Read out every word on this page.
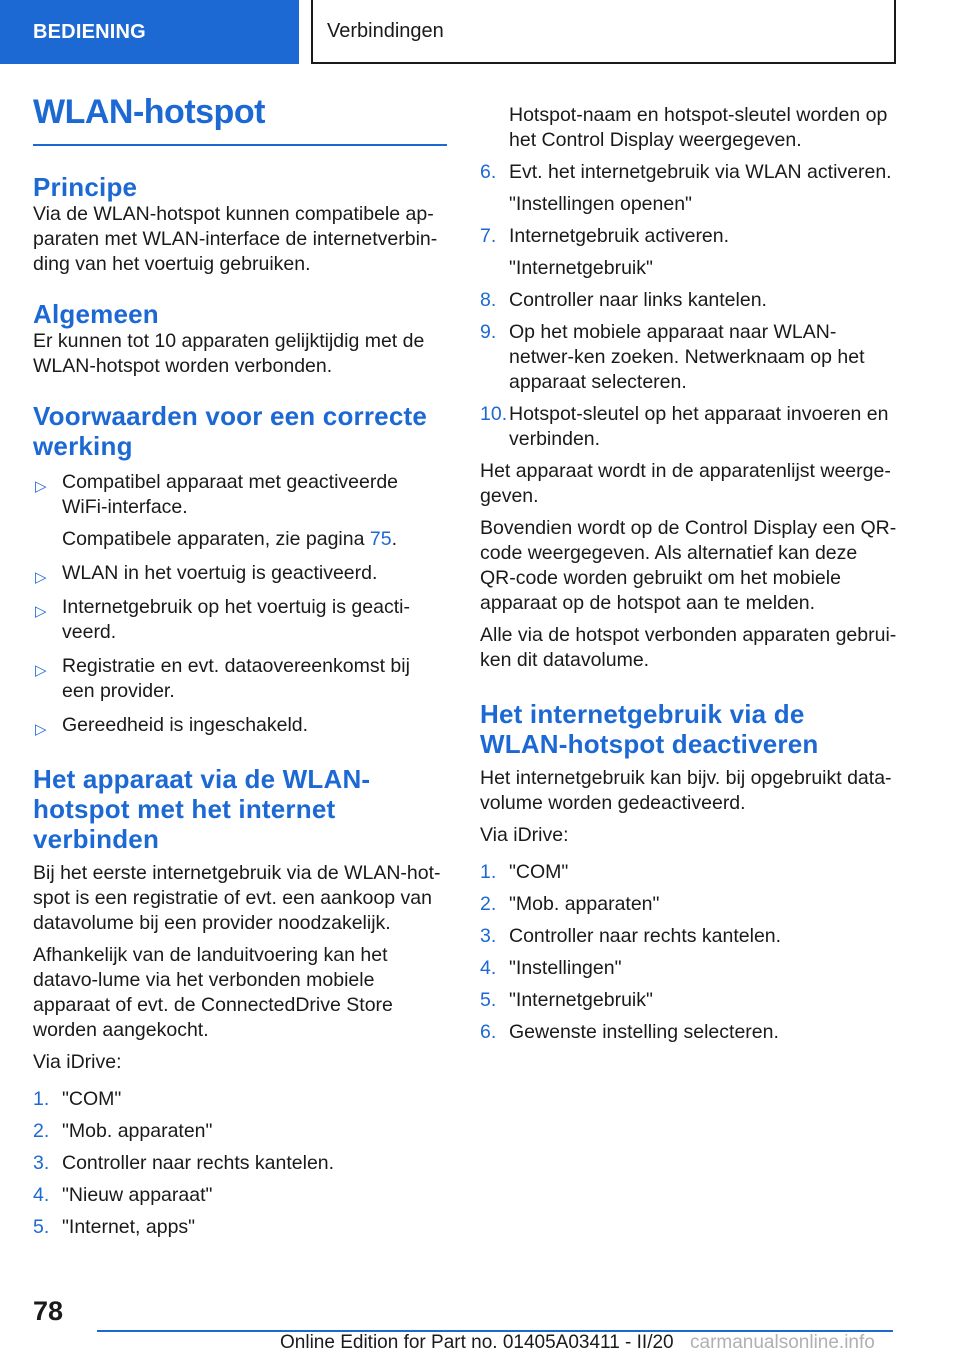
BEDIENING	Verbindingen
WLAN-hotspot
Principe

Via de WLAN-hotspot kunnen compatibele ap-paraten met WLAN-interface de internetverbin-ding van het voertuig gebruiken.

Algemeen

Er kunnen tot 10 apparaten gelijktijdig met de WLAN-hotspot worden verbonden.

Voorwaarden voor een correcte werking
▷ Compatibel apparaat met geactiveerde WiFi-interface.
Compatibele apparaten, zie pagina 75.
▷ WLAN in het voertuig is geactiveerd.
▷ Internetgebruik op het voertuig is geacti-veerd.
▷ Registratie en evt. dataovereenkomst bij een provider.
▷ Gereedheid is ingeschakeld.
Het apparaat via de WLAN-hotspot met het internet verbinden

Bij het eerste internetgebruik via de WLAN-hot-spot is een registratie of evt. een aankoop van datavolume bij een provider noodzakelijk.

Afhankelijk van de landuitvoering kan het datavo-lume via het verbonden mobiele apparaat of evt. de ConnectedDrive Store worden aangekocht.

Via iDrive:

1. "COM"
2. "Mob. apparaten"
3. Controller naar rechts kantelen.
4. "Nieuw apparaat"
5. "Internet, apps"

Hotspot-naam en hotspot-sleutel worden op het Control Display weergegeven.

6. Evt. het internetgebruik via WLAN activeren.
"Instellingen openen"
7. Internetgebruik activeren.
"Internetgebruik"
8. Controller naar links kantelen.
9. Op het mobiele apparaat naar WLAN-netwer-ken zoeken. Netwerknaam op het apparaat selecteren.
10. Hotspot-sleutel op het apparaat invoeren en verbinden.

Het apparaat wordt in de apparatenlijst weerge-geven.

Bovendien wordt op de Control Display een QR-code weergegeven. Als alternatief kan deze QR-code worden gebruikt om het mobiele apparaat op de hotspot aan te melden.

Alle via de hotspot verbonden apparaten gebrui-ken dit datavolume.

Het internetgebruik via de WLAN-hotspot deactiveren

Het internetgebruik kan bijv. bij opgebruikt data-volume worden gedeactiveerd.

Via iDrive:

1. "COM"
2. "Mob. apparaten"
3. Controller naar rechts kantelen.
4. "Instellingen"
5. "Internetgebruik"
6. Gewenste instelling selecteren.
78
Online Edition for Part no. 01405A03411 - II/20 carmanualsonline.info
